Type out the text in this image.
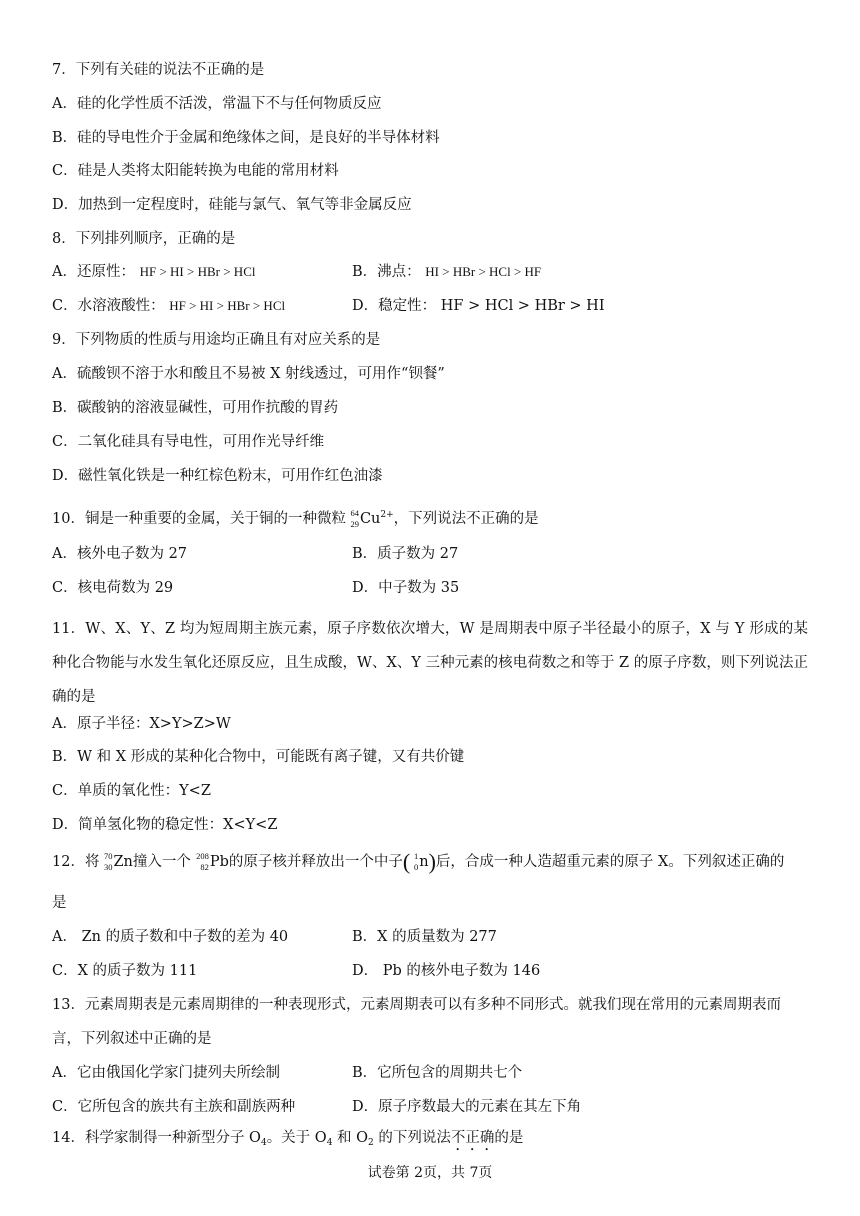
7．下列有关硅的说法不正确的是
A．硅的化学性质不活泼，常温下不与任何物质反应
B．硅的导电性介于金属和绝缘体之间，是良好的半导体材料
C．硅是人类将太阳能转换为电能的常用材料
D．加热到一定程度时，硅能与氯气、氧气等非金属反应
8．下列排列顺序，正确的是
A．还原性： HF > HI > HBr > HCl	B．沸点： HI > HBr > HCl > HF
C．水溶液酸性： HF > HI > HBr > HCl	D．稳定性： HF > HCl > HBr > HI
9．下列物质的性质与用途均正确且有对应关系的是
A．硫酸钡不溶于水和酸且不易被 X 射线透过，可用作“钡餐”
B．碳酸钠的溶液显碱性，可用作抗酸的胃药
C．二氧化硅具有导电性，可用作光导纤维
D．磁性氧化铁是一种红棕色粉末，可用作红色油漆
10．铜是一种重要的金属，关于铜的一种微粒 64
29 $Cu^{2+}$，下列说法不正确的是
A．核外电子数为 27	B．质子数为 27
C．核电荷数为 29	D．中子数为 35
11．W、X、Y、Z 均为短周期主族元素，原子序数依次增大，W 是周期表中原子半径最小的原子，X 与 Y 形成的某种化合物能与水发生氧化还原反应，且生成酸，W、X、Y 三种元素的核电荷数之和等于 Z 的原子序数，则下列说法正确的是
A．原子半径：X>Y>Z>W
B．W 和 X 形成的某种化合物中，可能既有离子键，又有共价键
C．单质的氧化性：Y<Z
D．简单氢化物的稳定性：X<Y<Z
12．将 70
30 Zn撞入一个 208
82 Pb的原子核并释放出一个中子( 1
0 n)后，合成一种人造超重元素的原子 X。下列叙述正确的
是
A． Zn 的质子数和中子数的差为 40	B．X 的质量数为 277
C．X 的质子数为 111	D． Pb 的核外电子数为 146
13．元素周期表是元素周期律的一种表现形式，元素周期表可以有多种不同形式。就我们现在常用的元素周期表而
言，下列叙述中正确的是
A．它由俄国化学家门捷列夫所绘制	B．它所包含的周期共七个
C．它所包含的族共有主族和副族两种	D．原子序数最大的元素在其左下角
14．科学家制得一种新型分子 $O_4$。关于 $O_4$ 和 $O_2$ 的下列说法不正确的是
试卷第 2页，共 7页
